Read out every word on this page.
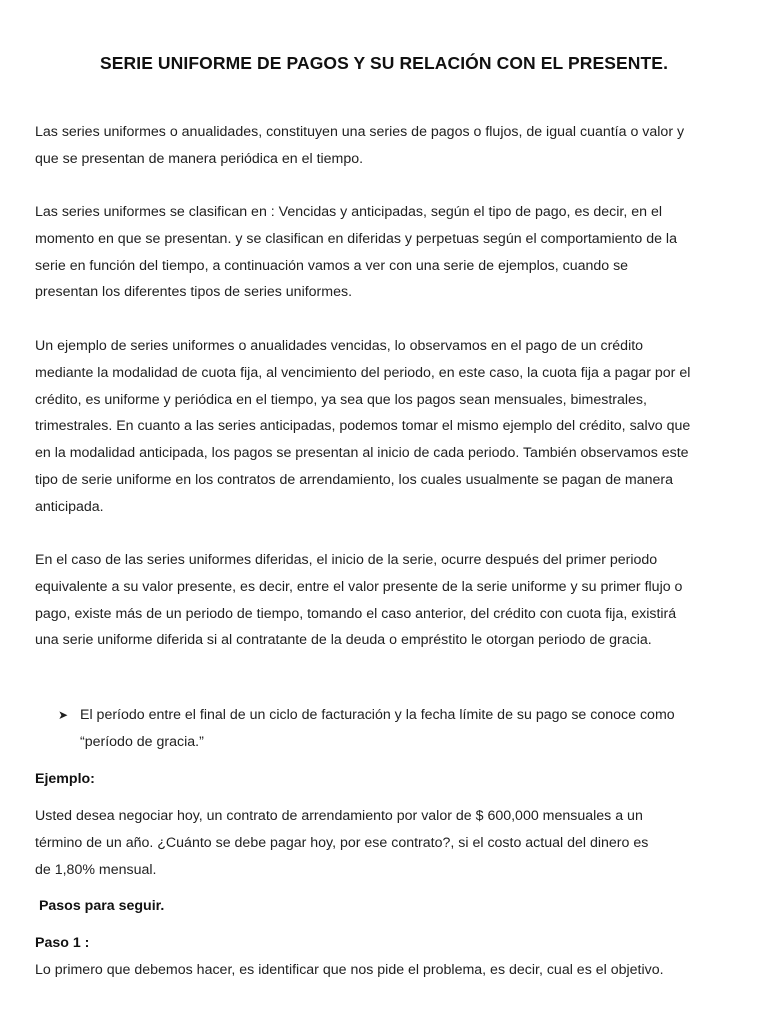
SERIE UNIFORME DE PAGOS Y SU RELACIÓN CON EL PRESENTE.
Las series uniformes o anualidades, constituyen una series de pagos o flujos, de igual cuantía o valor y
que se presentan de manera periódica en el tiempo.
Las series uniformes se clasifican en : Vencidas y anticipadas, según el tipo de pago, es decir, en el
momento en que se presentan. y se clasifican en diferidas y perpetuas según el comportamiento de la
serie en función del tiempo, a continuación vamos a ver con una serie de ejemplos, cuando se
presentan los diferentes tipos de series uniformes.
Un ejemplo de series uniformes o anualidades vencidas, lo observamos en el pago de un crédito
mediante la modalidad de cuota fija, al vencimiento del periodo, en este caso, la cuota fija a pagar por el
crédito, es uniforme y periódica en el tiempo, ya sea que los pagos sean mensuales, bimestrales,
trimestrales. En cuanto a las series anticipadas, podemos tomar el mismo ejemplo del crédito, salvo que
en la modalidad anticipada, los pagos se presentan al inicio de cada periodo. También observamos este
tipo de serie uniforme en los contratos de arrendamiento, los cuales usualmente se pagan de manera
anticipada.
En el caso de las series uniformes diferidas, el inicio de la serie, ocurre después del primer periodo
equivalente a su valor presente, es decir, entre el valor presente de la serie uniforme y su primer flujo o
pago, existe más de un periodo de tiempo, tomando el caso anterior, del crédito con cuota fija, existirá
una serie uniforme diferida si al contratante de la deuda o empréstito le otorgan periodo de gracia.
➤ El período entre el final de un ciclo de facturación y la fecha límite de su pago se conoce como
“período de gracia.”
Ejemplo:
Usted desea negociar hoy, un contrato de arrendamiento por valor de $ 600,000 mensuales a un
término de un año. ¿Cuánto se debe pagar hoy, por ese contrato?, si el costo actual del dinero es
de 1,80% mensual.
Pasos para seguir.
Paso 1 :
Lo primero que debemos hacer, es identificar que nos pide el problema, es decir, cual es el objetivo.
